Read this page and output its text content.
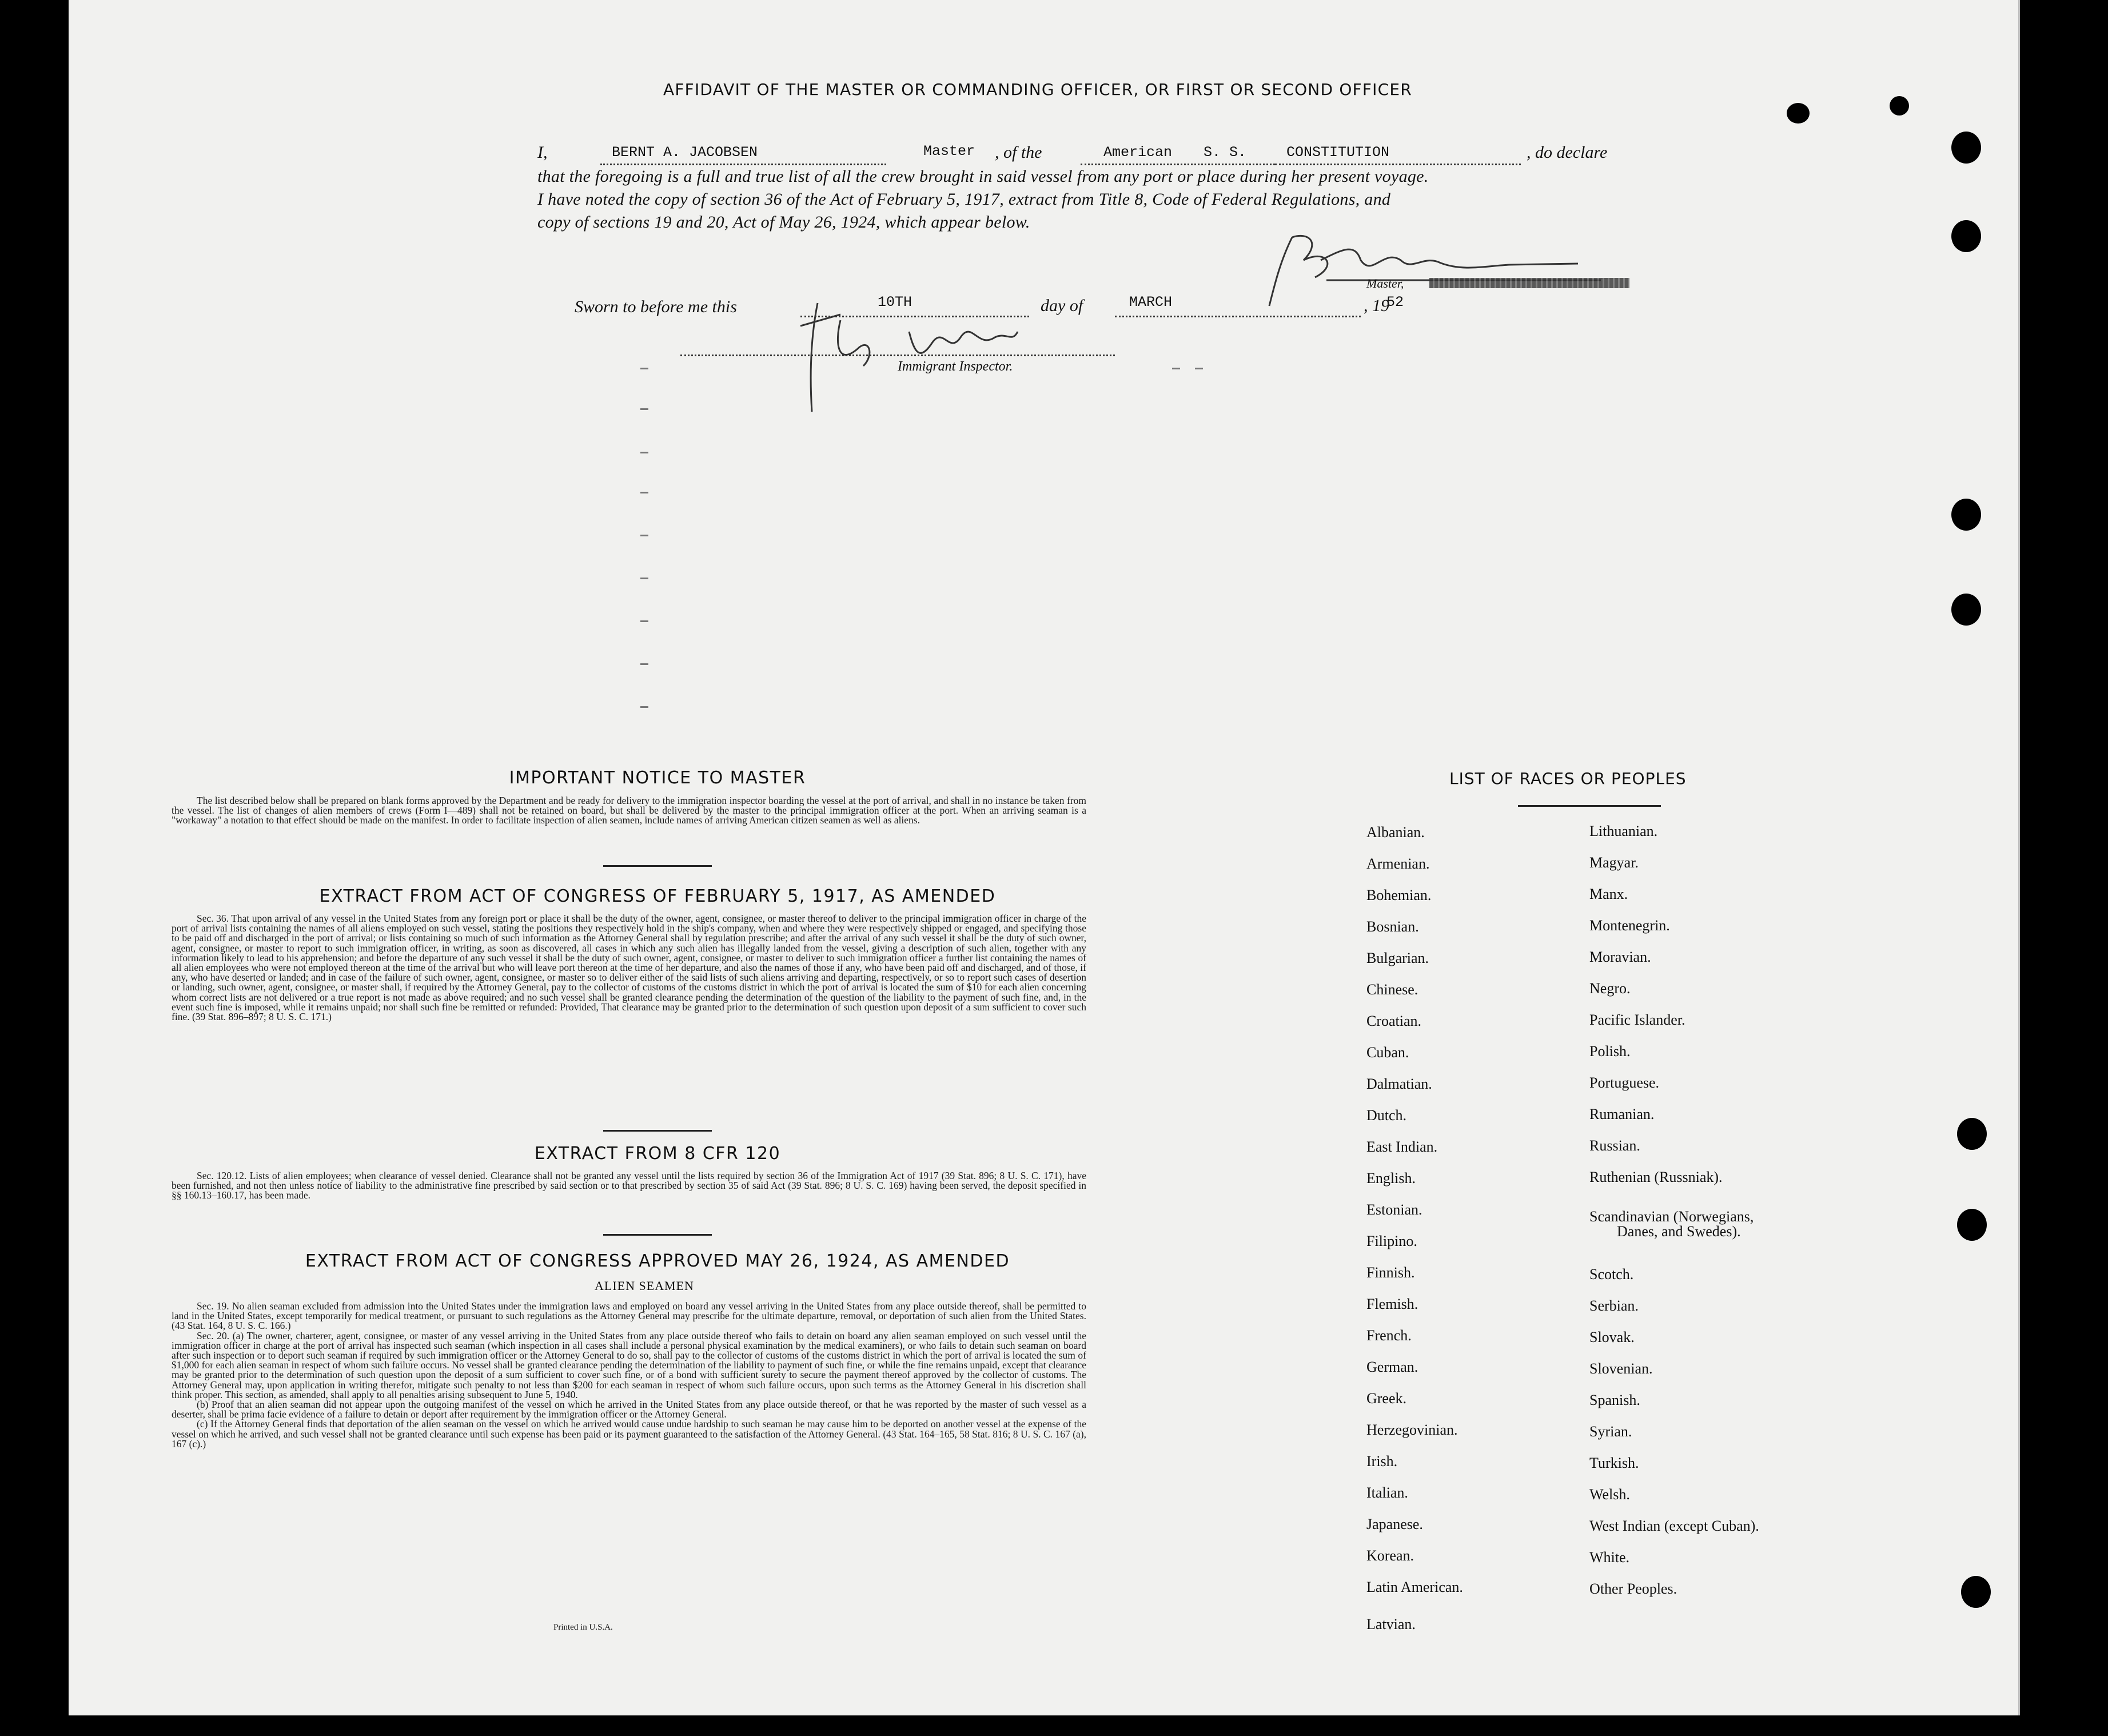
AFFIDAVIT OF THE MASTER OR COMMANDING OFFICER, OR FIRST OR SECOND OFFICER
I,	BERNT A. JACOBSEN	Master , of the	American S. S.	CONSTITUTION	, do declare
that the foregoing is a full and true list of all the crew brought in said vessel from any port or place during her present voyage.
I have noted the copy of section 36 of the Act of February 5, 1917, extract from Title 8, Code of Federal Regulations, and
copy of sections 19 and 20, Act of May 26, 1924, which appear below.
Master,
Sworn to before me this	10TH	day of	MARCH	, 19
52
Immigrant Inspector.
IMPORTANT NOTICE TO MASTER

The list described below shall be prepared on blank forms approved by the Department and be ready for delivery to the immigration inspector boarding the vessel at the port of arrival, and shall in no instance be taken from the vessel. The list of changes of alien members of crews (Form I—489) shall not be retained on board, but shall be delivered by the master to the principal immigration officer at the port. When an arriving seaman is a "workaway" a notation to that effect should be made on the manifest. In order to facilitate inspection of alien seamen, include names of arriving American citizen seamen as well as aliens.

EXTRACT FROM ACT OF CONGRESS OF FEBRUARY 5, 1917, AS AMENDED

Sec. 36. That upon arrival of any vessel in the United States from any foreign port or place it shall be the duty of the owner, agent, consignee, or master thereof to deliver to the principal immigration officer in charge of the port of arrival lists containing the names of all aliens employed on such vessel, stating the positions they respectively hold in the ship's company, when and where they were respectively shipped or engaged, and specifying those to be paid off and discharged in the port of arrival; or lists containing so much of such information as the Attorney General shall by regulation prescribe; and after the arrival of any such vessel it shall be the duty of such owner, agent, consignee, or master to report to such immigration officer, in writing, as soon as discovered, all cases in which any such alien has illegally landed from the vessel, giving a description of such alien, together with any information likely to lead to his apprehension; and before the departure of any such vessel it shall be the duty of such owner, agent, consignee, or master to deliver to such immigration officer a further list containing the names of all alien employees who were not employed thereon at the time of the arrival but who will leave port thereon at the time of her departure, and also the names of those if any, who have been paid off and discharged, and of those, if any, who have deserted or landed; and in case of the failure of such owner, agent, consignee, or master so to deliver either of the said lists of such aliens arriving and departing, respectively, or so to report such cases of desertion or landing, such owner, agent, consignee, or master shall, if required by the Attorney General, pay to the collector of customs of the customs district in which the port of arrival is located the sum of $10 for each alien concerning whom correct lists are not delivered or a true report is not made as above required; and no such vessel shall be granted clearance pending the determination of the question of the liability to the payment of such fine, and, in the event such fine is imposed, while it remains unpaid; nor shall such fine be remitted or refunded: Provided, That clearance may be granted prior to the determination of such question upon deposit of a sum sufficient to cover such fine. (39 Stat. 896–897; 8 U. S. C. 171.)

EXTRACT FROM 8 CFR 120

Sec. 120.12. Lists of alien employees; when clearance of vessel denied. Clearance shall not be granted any vessel until the lists required by section 36 of the Immigration Act of 1917 (39 Stat. 896; 8 U. S. C. 171), have been furnished, and not then unless notice of liability to the administrative fine prescribed by said section or to that prescribed by section 35 of said Act (39 Stat. 896; 8 U. S. C. 169) having been served, the deposit specified in §§ 160.13–160.17, has been made.

EXTRACT FROM ACT OF CONGRESS APPROVED MAY 26, 1924, AS AMENDED
ALIEN SEAMEN

Sec. 19. No alien seaman excluded from admission into the United States under the immigration laws and employed on board any vessel arriving in the United States from any place outside thereof, shall be permitted to land in the United States, except temporarily for medical treatment, or pursuant to such regulations as the Attorney General may prescribe for the ultimate departure, removal, or deportation of such alien from the United States. (43 Stat. 164, 8 U. S. C. 166.)

Sec. 20. (a) The owner, charterer, agent, consignee, or master of any vessel arriving in the United States from any place outside thereof who fails to detain on board any alien seaman employed on such vessel until the immigration officer in charge at the port of arrival has inspected such seaman (which inspection in all cases shall include a personal physical examination by the medical examiners), or who fails to detain such seaman on board after such inspection or to deport such seaman if required by such immigration officer or the Attorney General to do so, shall pay to the collector of customs of the customs district in which the port of arrival is located the sum of $1,000 for each alien seaman in respect of whom such failure occurs. No vessel shall be granted clearance pending the determination of the liability to payment of such fine, or while the fine remains unpaid, except that clearance may be granted prior to the determination of such question upon the deposit of a sum sufficient to cover such fine, or of a bond with sufficient surety to secure the payment thereof approved by the collector of customs. The Attorney General may, upon application in writing therefor, mitigate such penalty to not less than $200 for each seaman in respect of whom such failure occurs, upon such terms as the Attorney General in his discretion shall think proper. This section, as amended, shall apply to all penalties arising subsequent to June 5, 1940.

(b) Proof that an alien seaman did not appear upon the outgoing manifest of the vessel on which he arrived in the United States from any place outside thereof, or that he was reported by the master of such vessel as a deserter, shall be prima facie evidence of a failure to detain or deport after requirement by the immigration officer or the Attorney General.

(c) If the Attorney General finds that deportation of the alien seaman on the vessel on which he arrived would cause undue hardship to such seaman he may cause him to be deported on another vessel at the expense of the vessel on which he arrived, and such vessel shall not be granted clearance until such expense has been paid or its payment guaranteed to the satisfaction of the Attorney General. (43 Stat. 164–165, 58 Stat. 816; 8 U. S. C. 167 (a), 167 (c).)

Printed in U.S.A.
LIST OF RACES OR PEOPLES
Albanian.
Armenian.
Bohemian.
Bosnian.
Bulgarian.
Chinese.
Croatian.
Cuban.
Dalmatian.
Dutch.
East Indian.
English.
Estonian.
Filipino.
Finnish.
Flemish.
French.
German.
Greek.
Herzegovinian.
Irish.
Italian.
Japanese.
Korean.
Latin American.
Latvian.
Lithuanian.
Magyar.
Manx.
Montenegrin.
Moravian.
Negro.
Pacific Islander.
Polish.
Portuguese.
Rumanian.
Russian.
Ruthenian (Russniak).
Scandinavian (Norwegians,
Danes, and Swedes).
Scotch.
Serbian.
Slovak.
Slovenian.
Spanish.
Syrian.
Turkish.
Welsh.
West Indian (except Cuban).
White.
Other Peoples.
